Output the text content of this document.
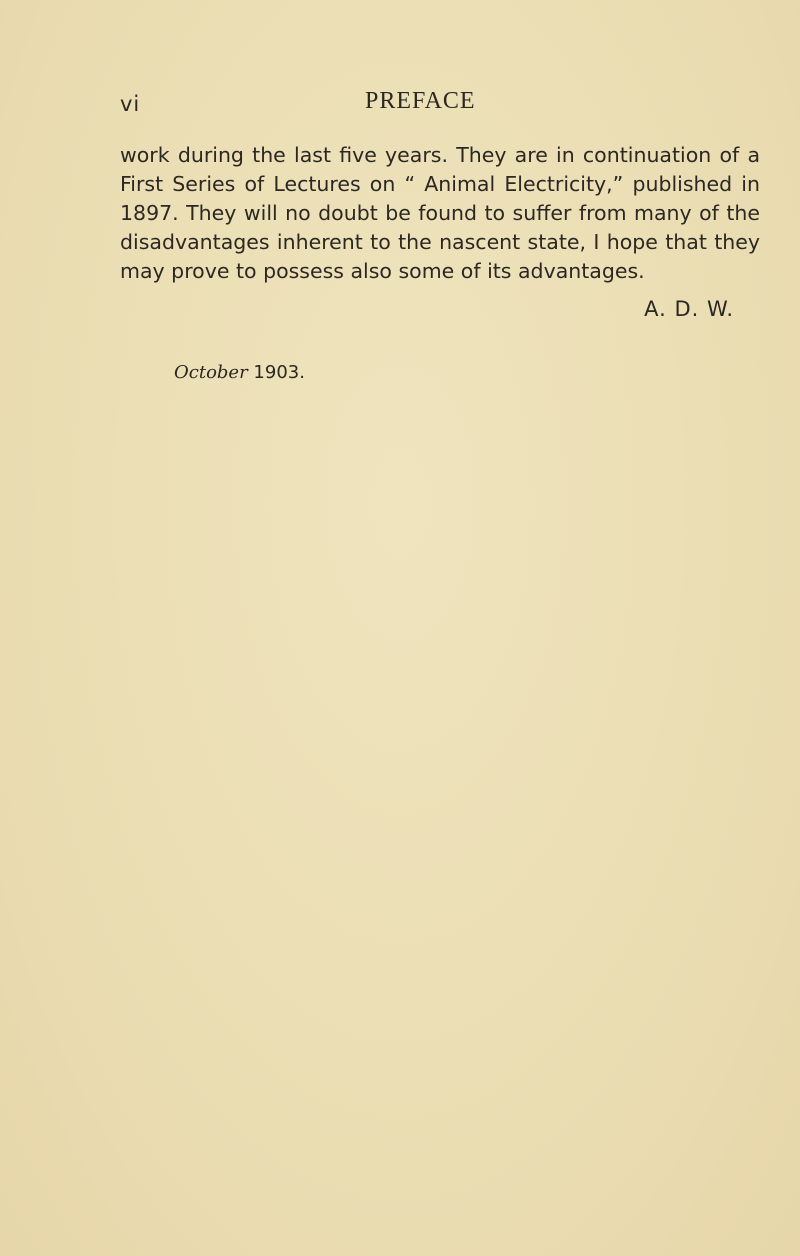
vi	PREFACE
work during the last five years. They are in continuation of a
First Series of Lectures on “ Animal Electricity,” published in
1897. They will no doubt be found to suffer from many of the
disadvantages inherent to the nascent state, I hope that they
may prove to possess also some of its advantages.
A. D. W.
October 1903.
